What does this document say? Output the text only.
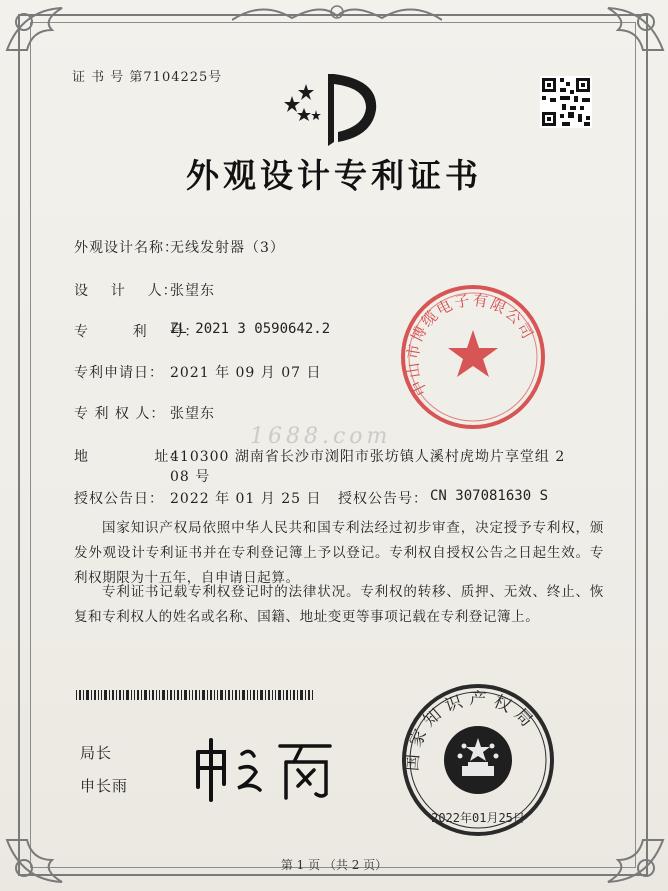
证 书 号 第7104225号
外观设计专利证书
外观设计名称：
无线发射器（3）
设    计    人：
张望东
专        利    号：
ZL 2021 3 0590642.2
专利申请日： 2021 年 09 月 07 日
专 利 权 人： 张望东
地            址：
410300 湖南省长沙市浏阳市张坊镇人溪村虎坳片享堂组 2
08 号
授权公告日： 2022 年 01 月 25 日 授权公告号： CN 307081630 S
国家知识产权局依照中华人民共和国专利法经过初步审查，决定授予专利权，颁发外观设计专利证书并在专利登记簿上予以登记。专利权自授权公告之日起生效。专利权期限为十五年，自申请日起算。
专利证书记载专利权登记时的法律状况。专利权的转移、质押、无效、终止、恢复和专利权人的姓名或名称、国籍、地址变更等事项记载在专利登记簿上。
1688.com
中山市博缆电子有限公司
局长
申长雨
国家知识产权局
2022年01月25日
第 1 页 （共 2 页）
